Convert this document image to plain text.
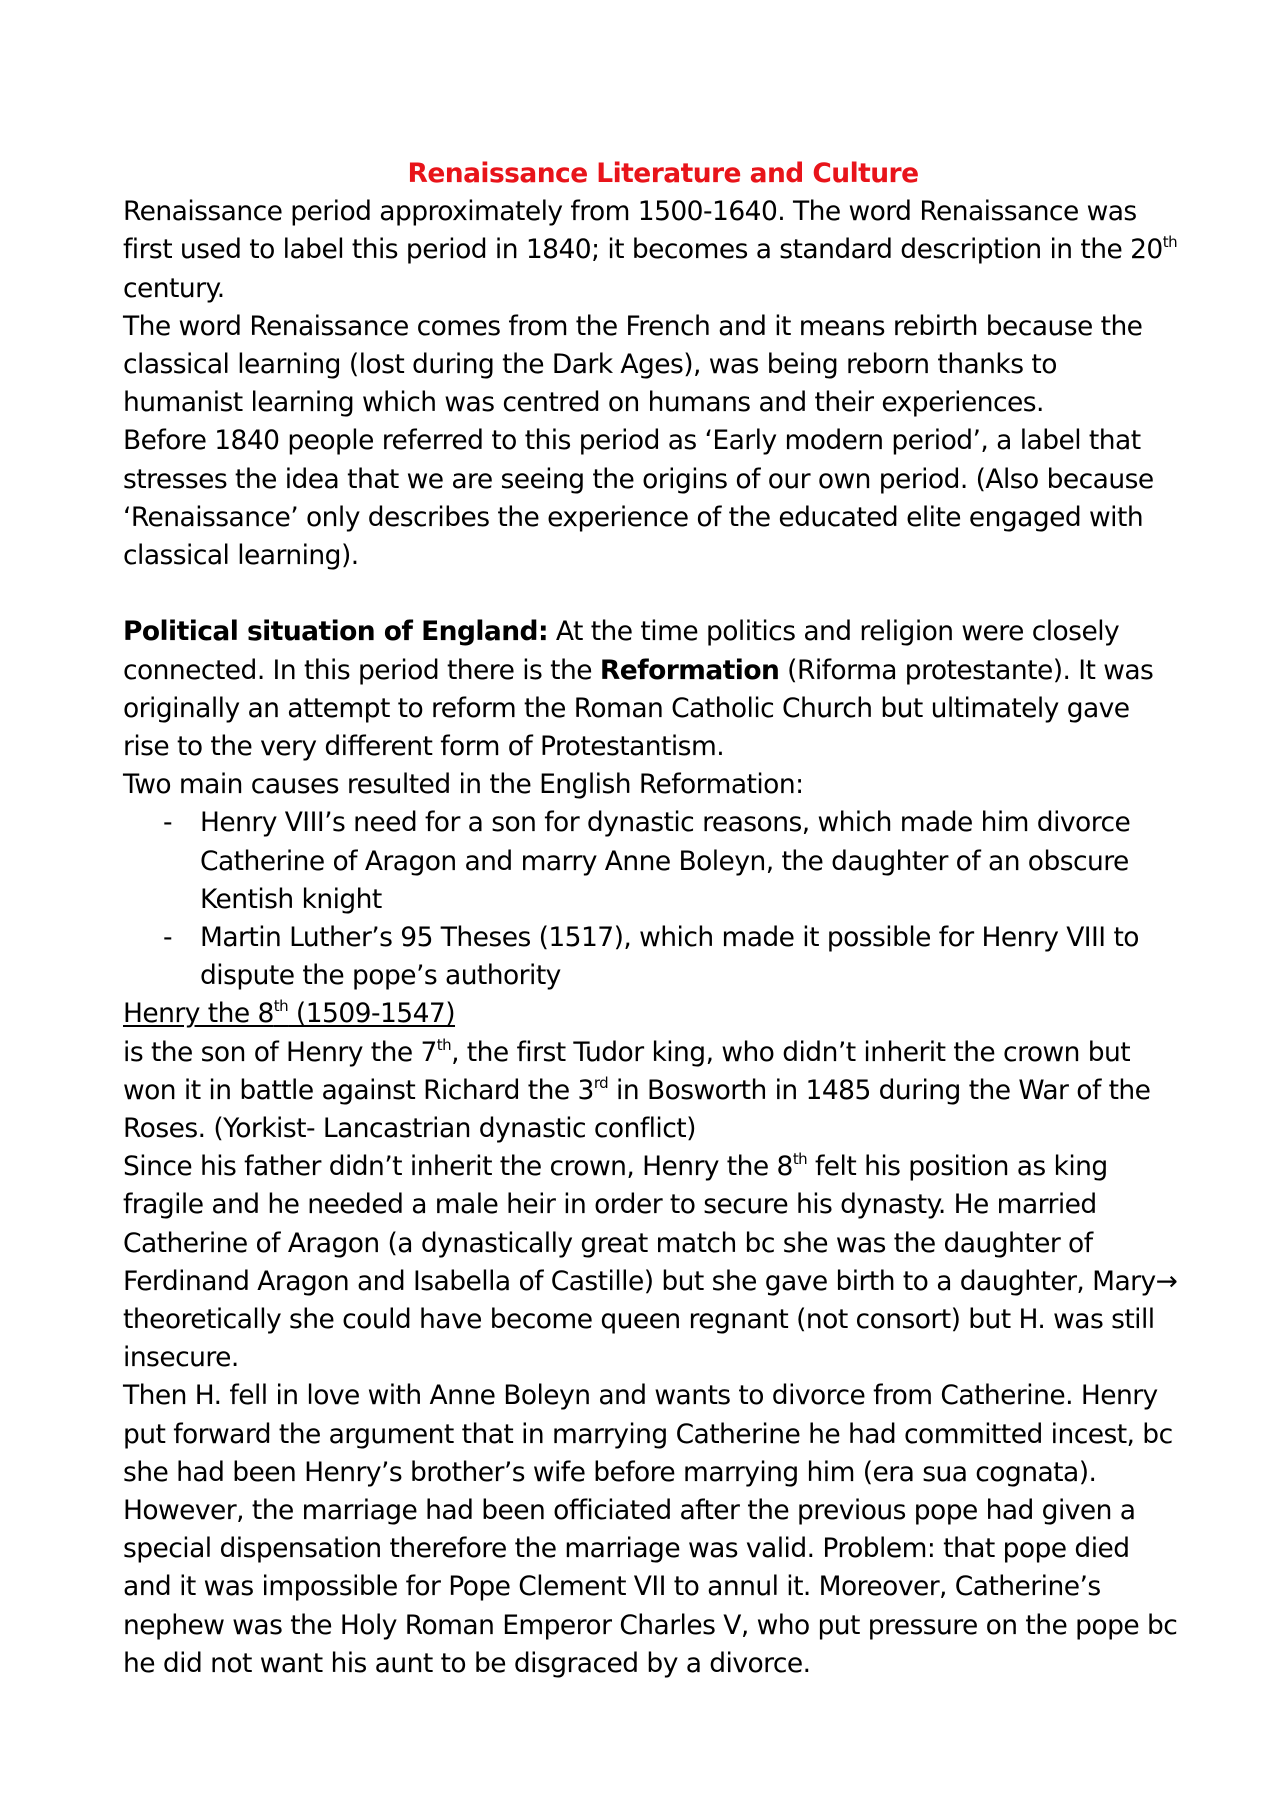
Renaissance Literature and Culture

Renaissance period approximately from 1500-1640. The word Renaissance was first used to label this period in 1840; it becomes a standard description in the 20th century.

The word Renaissance comes from the French and it means rebirth because the classical learning (lost during the Dark Ages), was being reborn thanks to humanist learning which was centred on humans and their experiences.

Before 1840 people referred to this period as ‘Early modern period’, a label that stresses the idea that we are seeing the origins of our own period. (Also because ‘Renaissance’ only describes the experience of the educated elite engaged with classical learning).

Political situation of England: At the time politics and religion were closely connected. In this period there is the Reformation (Riforma protestante). It was originally an attempt to reform the Roman Catholic Church but ultimately gave rise to the very different form of Protestantism.

Two main causes resulted in the English Reformation:

- Henry VIII’s need for a son for dynastic reasons, which made him divorce Catherine of Aragon and marry Anne Boleyn, the daughter of an obscure Kentish knight
- Martin Luther’s 95 Theses (1517), which made it possible for Henry VIII to dispute the pope’s authority

Henry the 8th (1509-1547)

is the son of Henry the 7th, the first Tudor king, who didn’t inherit the crown but won it in battle against Richard the 3rd in Bosworth in 1485 during the War of the Roses. (Yorkist- Lancastrian dynastic conflict)

Since his father didn’t inherit the crown, Henry the 8th felt his position as king fragile and he needed a male heir in order to secure his dynasty. He married Catherine of Aragon (a dynastically great match bc she was the daughter of Ferdinand Aragon and Isabella of Castille) but she gave birth to a daughter, Mary→ theoretically she could have become queen regnant (not consort) but H. was still insecure.

Then H. fell in love with Anne Boleyn and wants to divorce from Catherine. Henry put forward the argument that in marrying Catherine he had committed incest, bc she had been Henry’s brother’s wife before marrying him (era sua cognata). However, the marriage had been officiated after the previous pope had given a special dispensation therefore the marriage was valid. Problem: that pope died and it was impossible for Pope Clement VII to annul it. Moreover, Catherine’s nephew was the Holy Roman Emperor Charles V, who put pressure on the pope bc he did not want his aunt to be disgraced by a divorce.
